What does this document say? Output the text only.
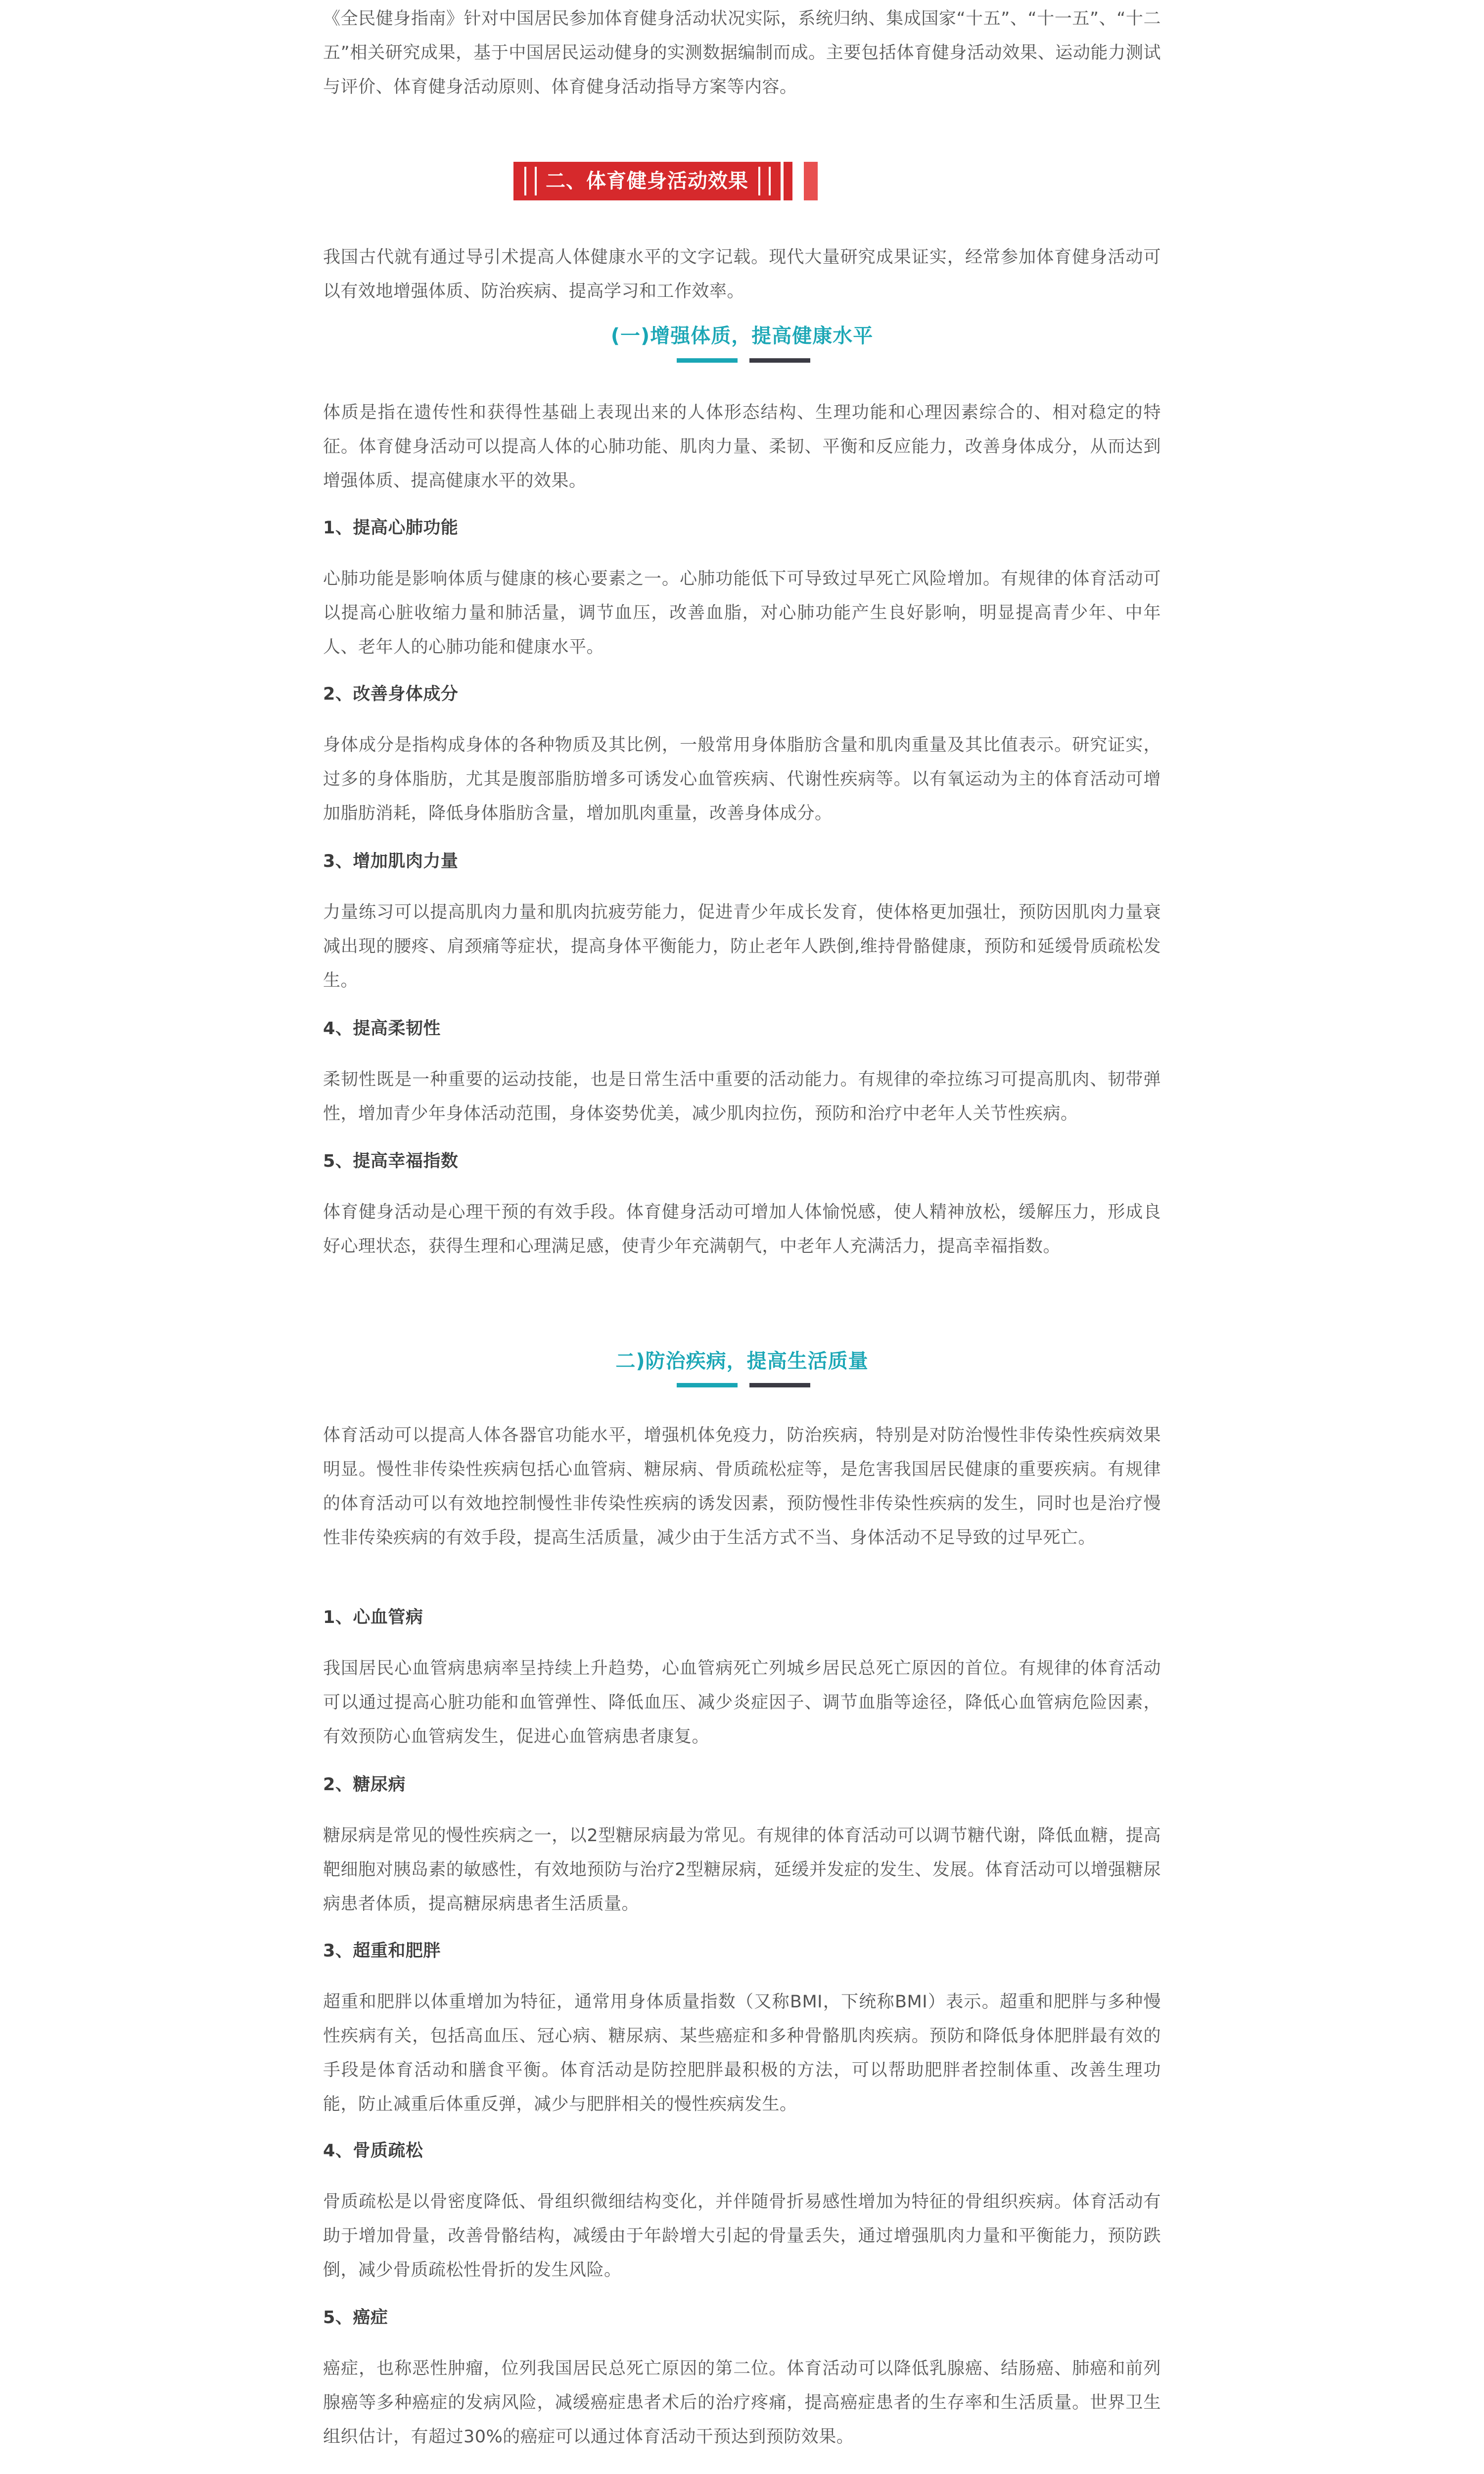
《全民健身指南》针对中国居民参加体育健身活动状况实际，系统归纳、集成国家“十五”、“十一五”、“十二五”相关研究成果，基于中国居民运动健身的实测数据编制而成。主要包括体育健身活动效果、运动能力测试与评价、体育健身活动原则、体育健身活动指导方案等内容。

二、体育健身活动效果

我国古代就有通过导引术提高人体健康水平的文字记载。现代大量研究成果证实，经常参加体育健身活动可以有效地增强体质、防治疾病、提高学习和工作效率。

(一)增强体质，提高健康水平

体质是指在遗传性和获得性基础上表现出来的人体形态结构、生理功能和心理因素综合的、相对稳定的特征。体育健身活动可以提高人体的心肺功能、肌肉力量、柔韧、平衡和反应能力，改善身体成分，从而达到增强体质、提高健康水平的效果。

1、提高心肺功能

心肺功能是影响体质与健康的核心要素之一。心肺功能低下可导致过早死亡风险增加。有规律的体育活动可以提高心脏收缩力量和肺活量，调节血压，改善血脂，对心肺功能产生良好影响，明显提高青少年、中年人、老年人的心肺功能和健康水平。

2、改善身体成分

身体成分是指构成身体的各种物质及其比例，一般常用身体脂肪含量和肌肉重量及其比值表示。研究证实，过多的身体脂肪，尤其是腹部脂肪增多可诱发心血管疾病、代谢性疾病等。以有氧运动为主的体育活动可增加脂肪消耗，降低身体脂肪含量，增加肌肉重量，改善身体成分。

3、增加肌肉力量

力量练习可以提高肌肉力量和肌肉抗疲劳能力，促进青少年成长发育，使体格更加强壮，预防因肌肉力量衰减出现的腰疼、肩颈痛等症状，提高身体平衡能力，防止老年人跌倒,维持骨骼健康，预防和延缓骨质疏松发生。

4、提高柔韧性

柔韧性既是一种重要的运动技能，也是日常生活中重要的活动能力。有规律的牵拉练习可提高肌肉、韧带弹性，增加青少年身体活动范围，身体姿势优美，减少肌肉拉伤，预防和治疗中老年人关节性疾病。

5、提高幸福指数

体育健身活动是心理干预的有效手段。体育健身活动可增加人体愉悦感，使人精神放松，缓解压力，形成良好心理状态，获得生理和心理满足感，使青少年充满朝气，中老年人充满活力，提高幸福指数。

二)防治疾病，提高生活质量

体育活动可以提高人体各器官功能水平，增强机体免疫力，防治疾病，特别是对防治慢性非传染性疾病效果明显。慢性非传染性疾病包括心血管病、糖尿病、骨质疏松症等，是危害我国居民健康的重要疾病。有规律的体育活动可以有效地控制慢性非传染性疾病的诱发因素，预防慢性非传染性疾病的发生，同时也是治疗慢性非传染疾病的有效手段，提高生活质量，减少由于生活方式不当、身体活动不足导致的过早死亡。

1、心血管病

我国居民心血管病患病率呈持续上升趋势，心血管病死亡列城乡居民总死亡原因的首位。有规律的体育活动可以通过提高心脏功能和血管弹性、降低血压、减少炎症因子、调节血脂等途径，降低心血管病危险因素，有效预防心血管病发生，促进心血管病患者康复。

2、糖尿病

糖尿病是常见的慢性疾病之一，以2型糖尿病最为常见。有规律的体育活动可以调节糖代谢，降低血糖，提高靶细胞对胰岛素的敏感性，有效地预防与治疗2型糖尿病，延缓并发症的发生、发展。体育活动可以增强糖尿病患者体质，提高糖尿病患者生活质量。

3、超重和肥胖

超重和肥胖以体重增加为特征，通常用身体质量指数（又称BMI，下统称BMI）表示。超重和肥胖与多种慢性疾病有关，包括高血压、冠心病、糖尿病、某些癌症和多种骨骼肌肉疾病。预防和降低身体肥胖最有效的手段是体育活动和膳食平衡。体育活动是防控肥胖最积极的方法，可以帮助肥胖者控制体重、改善生理功能，防止减重后体重反弹，减少与肥胖相关的慢性疾病发生。

4、骨质疏松

骨质疏松是以骨密度降低、骨组织微细结构变化，并伴随骨折易感性增加为特征的骨组织疾病。体育活动有助于增加骨量，改善骨骼结构，减缓由于年龄增大引起的骨量丢失，通过增强肌肉力量和平衡能力，预防跌倒，减少骨质疏松性骨折的发生风险。

5、癌症

癌症，也称恶性肿瘤，位列我国居民总死亡原因的第二位。体育活动可以降低乳腺癌、结肠癌、肺癌和前列腺癌等多种癌症的发病风险，减缓癌症患者术后的治疗疼痛，提高癌症患者的生存率和生活质量。世界卫生组织估计，有超过30%的癌症可以通过体育活动干预达到预防效果。
